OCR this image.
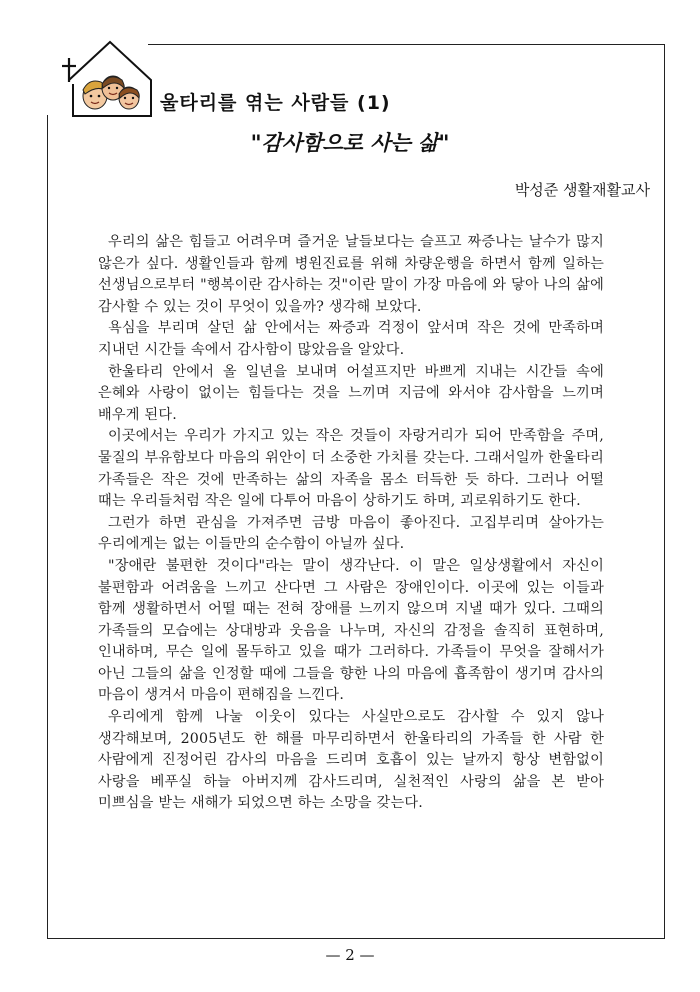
울타리를 엮는 사람들 (1)
"감사함으로 사는 삶"
박성준 생활재활교사

우리의 삶은 힘들고 어려우며 즐거운 날들보다는 슬프고 짜증나는 날수가 많지 않은가 싶다. 생활인들과 함께 병원진료를 위해 차량운행을 하면서 함께 일하는 선생님으로부터 "행복이란 감사하는 것"이란 말이 가장 마음에 와 닿아 나의 삶에 감사할 수 있는 것이 무엇이 있을까? 생각해 보았다.

욕심을 부리며 살던 삶 안에서는 짜증과 걱정이 앞서며 작은 것에 만족하며 지내던 시간들 속에서 감사함이 많았음을 알았다.

한울타리 안에서 올 일년을 보내며 어설프지만 바쁘게 지내는 시간들 속에 은혜와 사랑이 없이는 힘들다는 것을 느끼며 지금에 와서야 감사함을 느끼며 배우게 된다.

이곳에서는 우리가 가지고 있는 작은 것들이 자랑거리가 되어 만족함을 주며, 물질의 부유함보다 마음의 위안이 더 소중한 가치를 갖는다. 그래서일까 한울타리 가족들은 작은 것에 만족하는 삶의 자족을 몸소 터득한 듯 하다. 그러나 어떨 때는 우리들처럼 작은 일에 다투어 마음이 상하기도 하며, 괴로워하기도 한다.

그런가 하면 관심을 가져주면 금방 마음이 좋아진다. 고집부리며 살아가는 우리에게는 없는 이들만의 순수함이 아닐까 싶다.

"장애란 불편한 것이다"라는 말이 생각난다. 이 말은 일상생활에서 자신이 불편함과 어려움을 느끼고 산다면 그 사람은 장애인이다. 이곳에 있는 이들과 함께 생활하면서 어떨 때는 전혀 장애를 느끼지 않으며 지낼 때가 있다. 그때의 가족들의 모습에는 상대방과 웃음을 나누며, 자신의 감정을 솔직히 표현하며, 인내하며, 무슨 일에 몰두하고 있을 때가 그러하다. 가족들이 무엇을 잘해서가 아닌 그들의 삶을 인정할 때에 그들을 향한 나의 마음에 흡족함이 생기며 감사의 마음이 생겨서 마음이 편해짐을 느낀다.

우리에게 함께 나눌 이웃이 있다는 사실만으로도 감사할 수 있지 않나 생각해보며, 2005년도 한 해를 마무리하면서 한울타리의 가족들 한 사람 한 사람에게 진정어린 감사의 마음을 드리며 호흡이 있는 날까지 항상 변함없이 사랑을 베푸실 하늘 아버지께 감사드리며, 실천적인 사랑의 삶을 본 받아 미쁘심을 받는 새해가 되었으면 하는 소망을 갖는다.

— 2 —
